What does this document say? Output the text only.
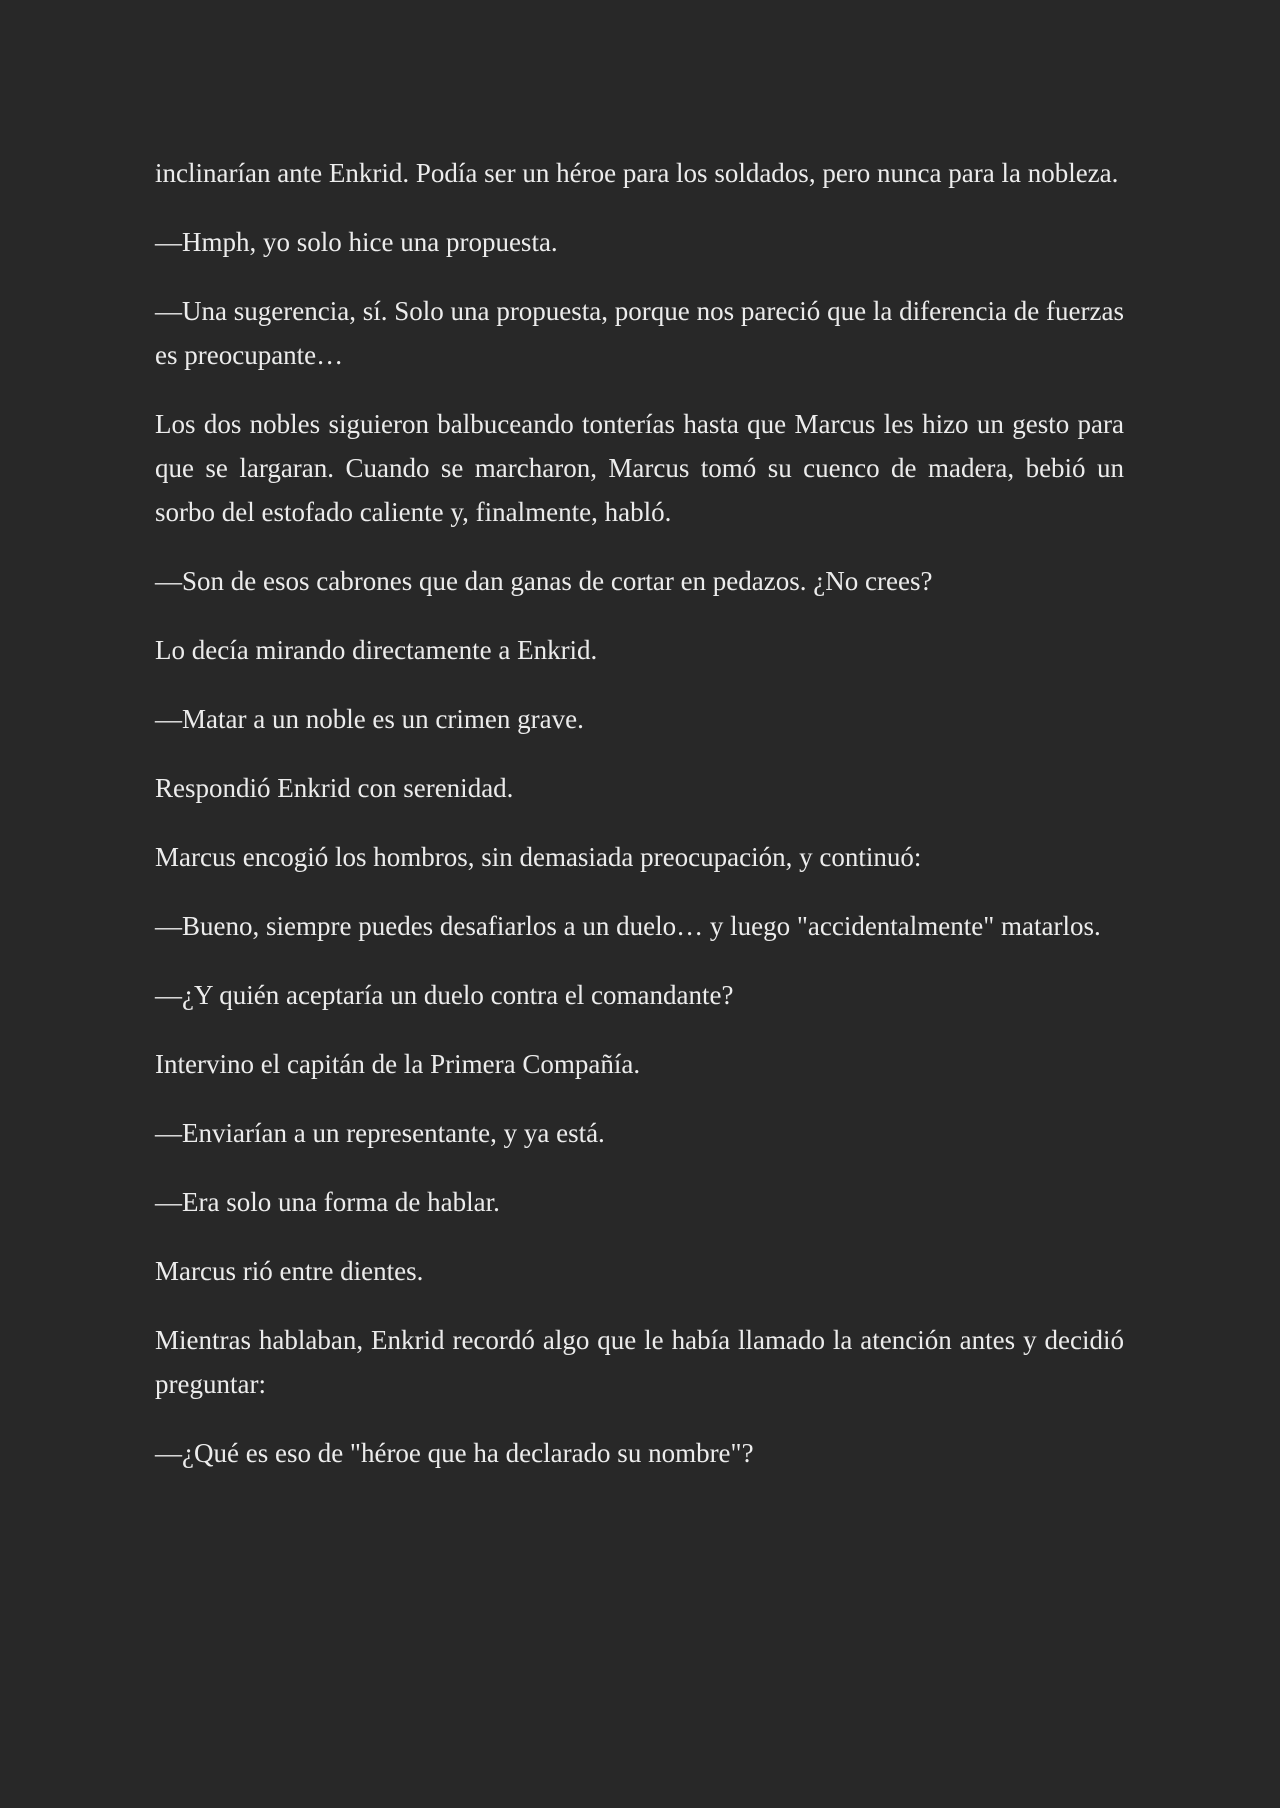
inclinarían ante Enkrid. Podía ser un héroe para los soldados, pero nunca para la nobleza.

—Hmph, yo solo hice una propuesta.

—Una sugerencia, sí. Solo una propuesta, porque nos pareció que la diferencia de fuerzas es preocupante…

Los dos nobles siguieron balbuceando tonterías hasta que Marcus les hizo un gesto para que se largaran. Cuando se marcharon, Marcus tomó su cuenco de madera, bebió un sorbo del estofado caliente y, finalmente, habló.

—Son de esos cabrones que dan ganas de cortar en pedazos. ¿No crees?

Lo decía mirando directamente a Enkrid.

—Matar a un noble es un crimen grave.

Respondió Enkrid con serenidad.

Marcus encogió los hombros, sin demasiada preocupación, y continuó:

—Bueno, siempre puedes desafiarlos a un duelo… y luego "accidentalmente" matarlos.

—¿Y quién aceptaría un duelo contra el comandante?

Intervino el capitán de la Primera Compañía.

—Enviarían a un representante, y ya está.

—Era solo una forma de hablar.

Marcus rió entre dientes.

Mientras hablaban, Enkrid recordó algo que le había llamado la atención antes y decidió preguntar:

—¿Qué es eso de "héroe que ha declarado su nombre"?
